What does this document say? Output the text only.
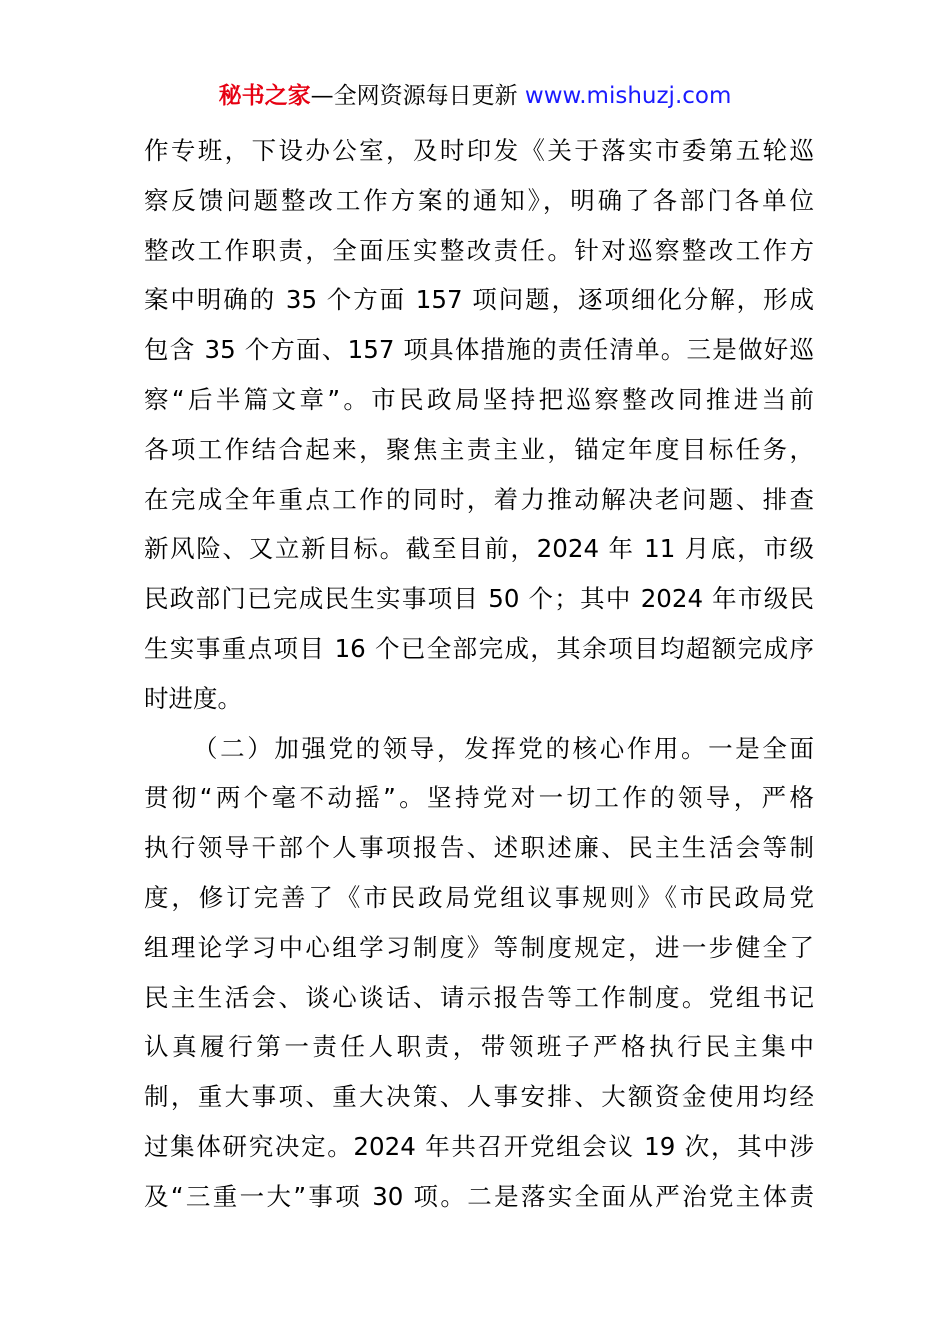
秘书之家—全网资源每日更新 www.mishuzj.com
作专班，下设办公室，及时印发《关于落实市委第五轮巡
察反馈问题整改工作方案的通知》，明确了各部门各单位
整改工作职责，全面压实整改责任。针对巡察整改工作方
案中明确的 35 个方面 157 项问题，逐项细化分解，形成
包含 35 个方面、157 项具体措施的责任清单。三是做好巡
察“后半篇文章”。市民政局坚持把巡察整改同推进当前
各项工作结合起来，聚焦主责主业，锚定年度目标任务，
在完成全年重点工作的同时，着力推动解决老问题、排查
新风险、又立新目标。截至目前，2024 年 11 月底，市级
民政部门已完成民生实事项目 50 个；其中 2024 年市级民
生实事重点项目 16 个已全部完成，其余项目均超额完成序
时进度。
（二）加强党的领导，发挥党的核心作用。一是全面
贯彻“两个毫不动摇”。坚持党对一切工作的领导，严格
执行领导干部个人事项报告、述职述廉、民主生活会等制
度，修订完善了《市民政局党组议事规则》《市民政局党
组理论学习中心组学习制度》等制度规定，进一步健全了
民主生活会、谈心谈话、请示报告等工作制度。党组书记
认真履行第一责任人职责，带领班子严格执行民主集中
制，重大事项、重大决策、人事安排、大额资金使用均经
过集体研究决定。2024 年共召开党组会议 19 次，其中涉
及“三重一大”事项 30 项。二是落实全面从严治党主体责
